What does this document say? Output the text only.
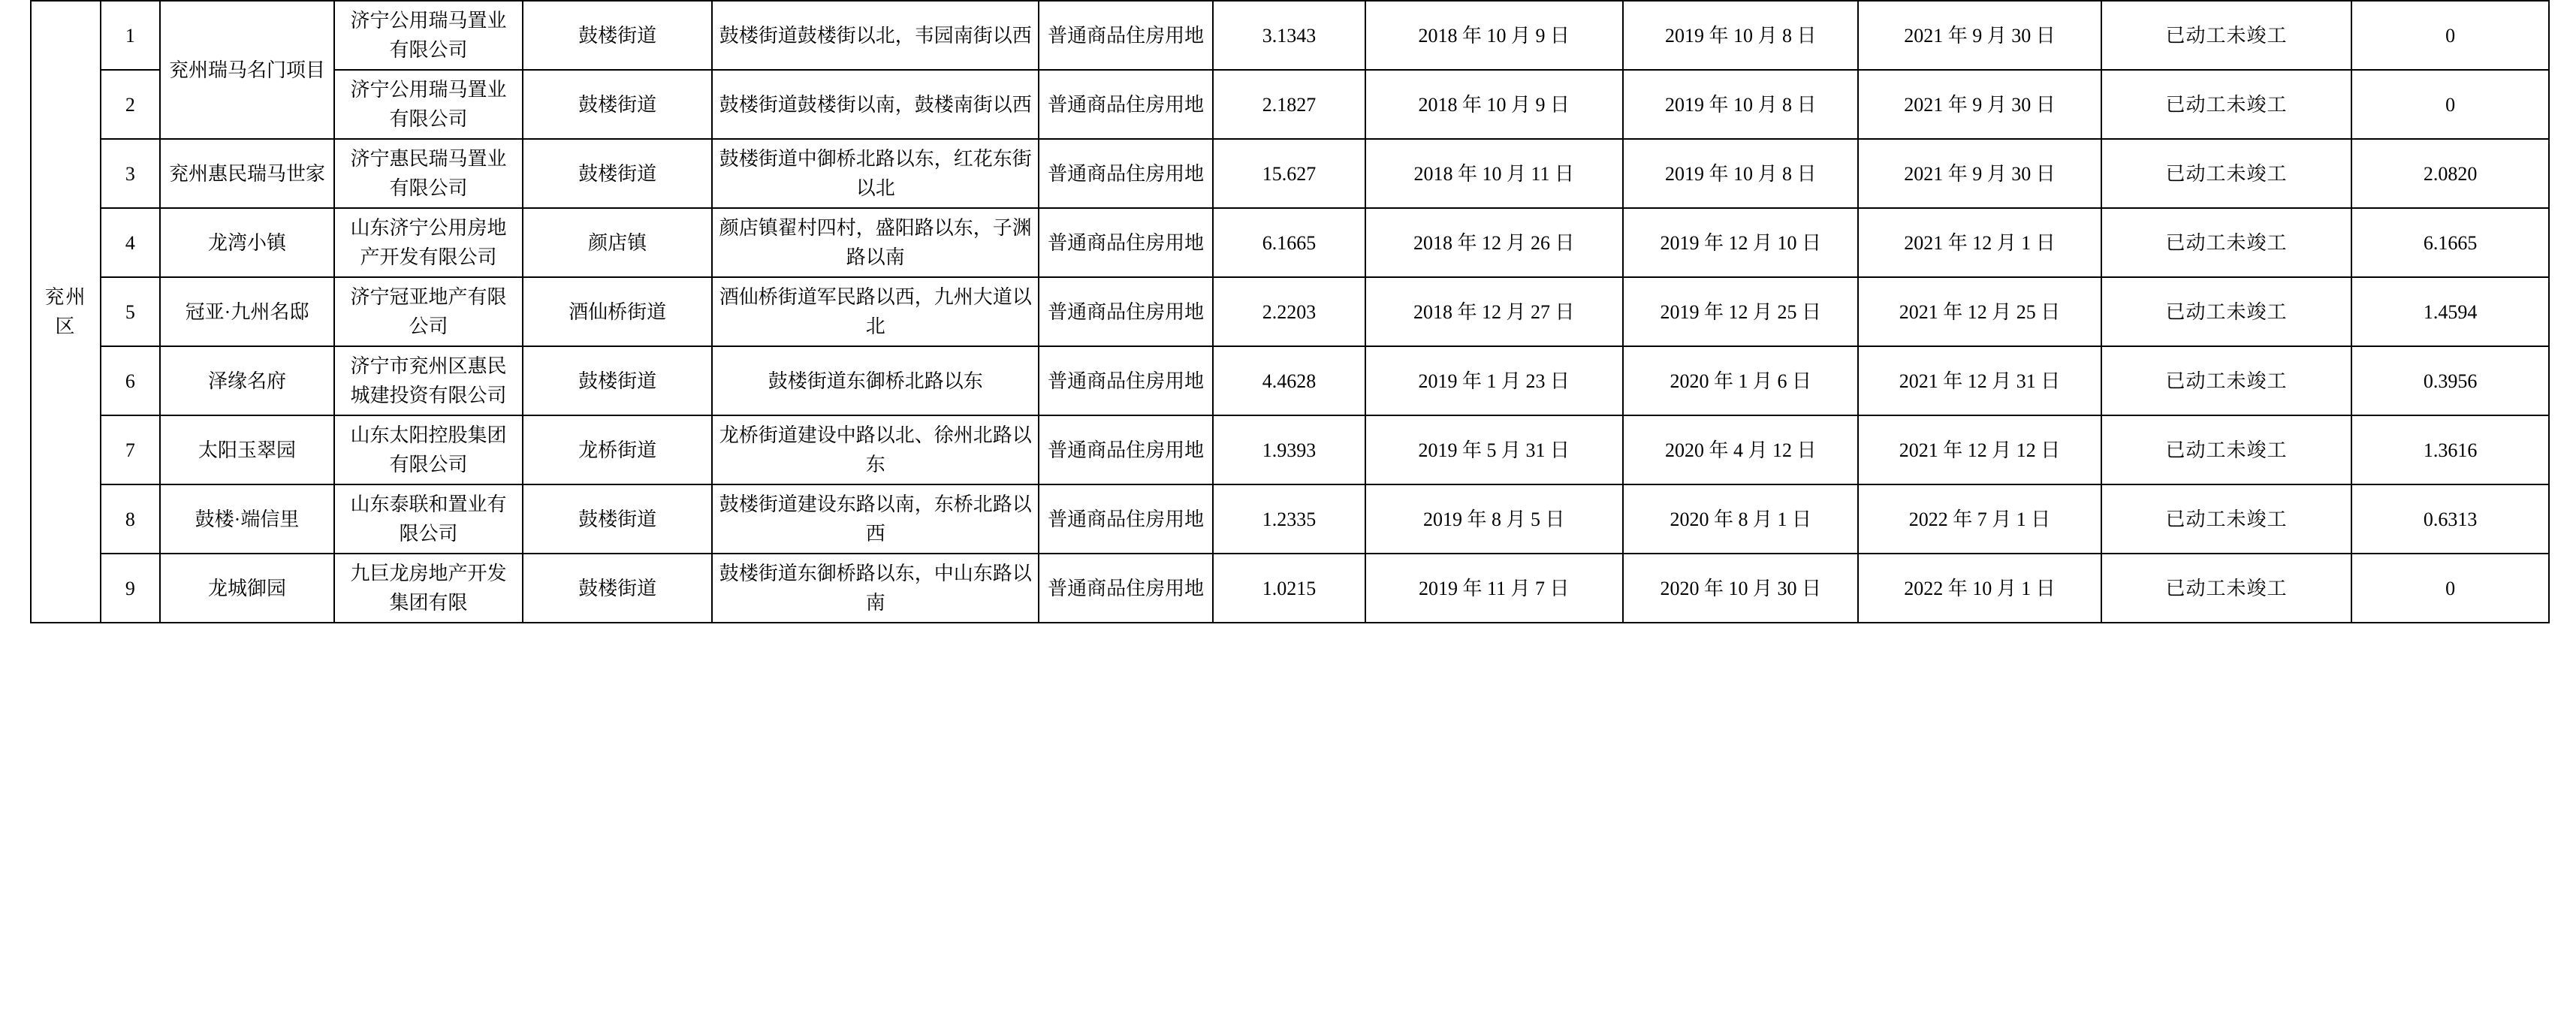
兖州区	1	兖州瑞马名门项目	济宁公用瑞马置业有限公司	鼓楼街道	鼓楼街道鼓楼街以北，韦园南街以西	普通商品住房用地	3.1343	2018 年 10 月 9 日	2019 年 10 月 8 日	2021 年 9 月 30 日	已动工未竣工	0
	2		济宁公用瑞马置业有限公司	鼓楼街道	鼓楼街道鼓楼街以南，鼓楼南街以西	普通商品住房用地	2.1827	2018 年 10 月 9 日	2019 年 10 月 8 日	2021 年 9 月 30 日	已动工未竣工	0
	3	兖州惠民瑞马世家	济宁惠民瑞马置业有限公司	鼓楼街道	鼓楼街道中御桥北路以东，红花东街以北	普通商品住房用地	15.627	2018 年 10 月 11 日	2019 年 10 月 8 日	2021 年 9 月 30 日	已动工未竣工	2.0820
	4	龙湾小镇	山东济宁公用房地产开发有限公司	颜店镇	颜店镇翟村四村，盛阳路以东，子渊路以南	普通商品住房用地	6.1665	2018 年 12 月 26 日	2019 年 12 月 10 日	2021 年 12 月 1 日	已动工未竣工	6.1665
	5	冠亚·九州名邸	济宁冠亚地产有限公司	酒仙桥街道	酒仙桥街道军民路以西，九州大道以北	普通商品住房用地	2.2203	2018 年 12 月 27 日	2019 年 12 月 25 日	2021 年 12 月 25 日	已动工未竣工	1.4594
	6	泽缘名府	济宁市兖州区惠民城建投资有限公司	鼓楼街道	鼓楼街道东御桥北路以东	普通商品住房用地	4.4628	2019 年 1 月 23 日	2020 年 1 月 6 日	2021 年 12 月 31 日	已动工未竣工	0.3956
	7	太阳玉翠园	山东太阳控股集团有限公司	龙桥街道	龙桥街道建设中路以北、徐州北路以东	普通商品住房用地	1.9393	2019 年 5 月 31 日	2020 年 4 月 12 日	2021 年 12 月 12 日	已动工未竣工	1.3616
	8	鼓楼·端信里	山东泰联和置业有限公司	鼓楼街道	鼓楼街道建设东路以南，东桥北路以西	普通商品住房用地	1.2335	2019 年 8 月 5 日	2020 年 8 月 1 日	2022 年 7 月 1 日	已动工未竣工	0.6313
	9	龙城御园	九巨龙房地产开发集团有限	鼓楼街道	鼓楼街道东御桥路以东，中山东路以南	普通商品住房用地	1.0215	2019 年 11 月 7 日	2020 年 10 月 30 日	2022 年 10 月 1 日	已动工未竣工	0
